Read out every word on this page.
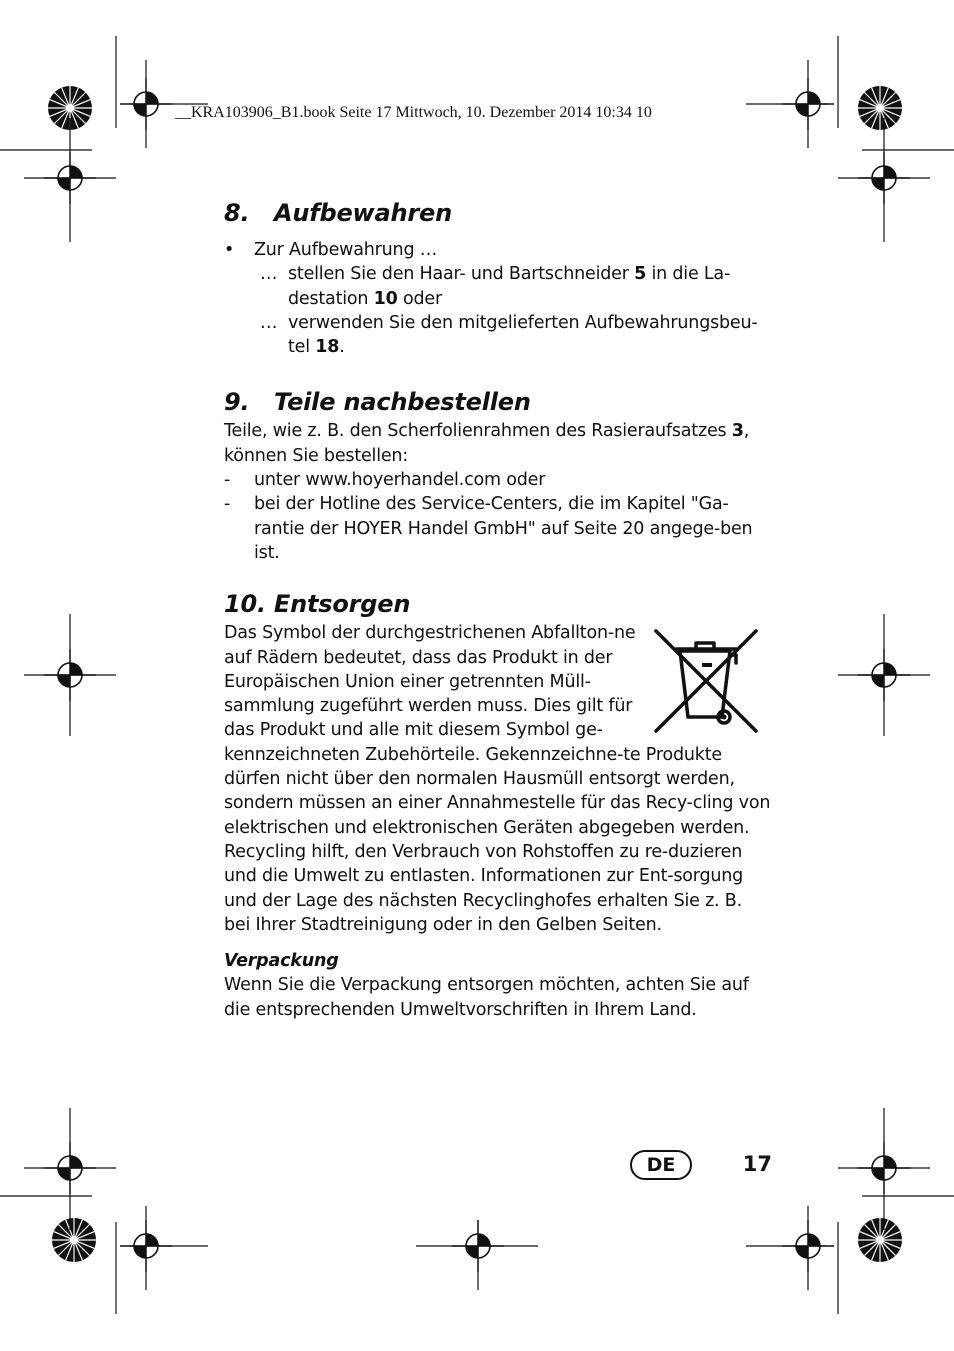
__KRA103906_B1.book Seite 17 Mittwoch, 10. Dezember 2014 10:34 10
8. Aufbewahren
• Zur Aufbewahrung …
… stellen Sie den Haar- und Bartschneider 5 in die La-destation 10 oder
… verwenden Sie den mitgelieferten Aufbewahrungsbeu-tel 18.
9. Teile nachbestellen

Teile, wie z. B. den Scherfolienrahmen des Rasieraufsatzes 3, können Sie bestellen:

- unter www.hoyerhandel.com oder
- bei der Hotline des Service-Centers, die im Kapitel "Ga-rantie der HOYER Handel GmbH" auf Seite 20 angege-ben ist.
10. Entsorgen

Das Symbol der durchgestrichenen Abfallton-ne auf Rädern bedeutet, dass das Produkt in der Europäischen Union einer getrennten Müll-sammlung zugeführt werden muss. Dies gilt für das Produkt und alle mit diesem Symbol ge-kennzeichneten Zubehörteile. Gekennzeichne-te Produkte dürfen nicht über den normalen Hausmüll entsorgt werden, sondern müssen an einer Annahmestelle für das Recy-cling von elektrischen und elektronischen Geräten abgegeben werden. Recycling hilft, den Verbrauch von Rohstoffen zu re-duzieren und die Umwelt zu entlasten. Informationen zur Ent-sorgung und der Lage des nächsten Recyclinghofes erhalten Sie z. B. bei Ihrer Stadtreinigung oder in den Gelben Seiten.

Verpackung

Wenn Sie die Verpackung entsorgen möchten, achten Sie auf die entsprechenden Umweltvorschriften in Ihrem Land.

DE	17
